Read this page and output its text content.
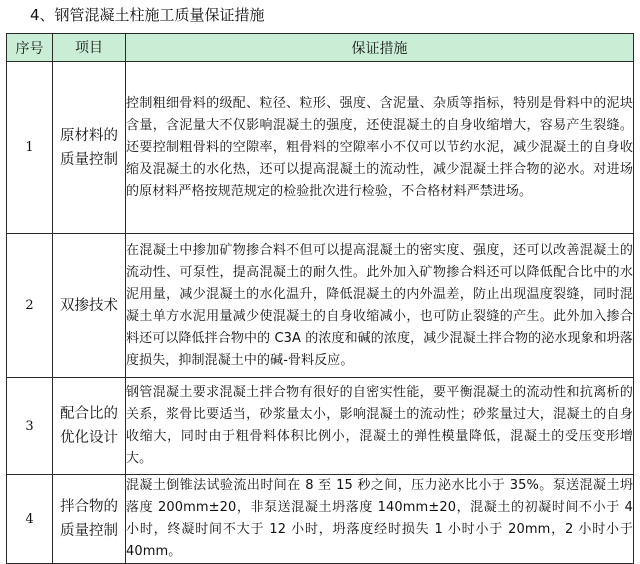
4、钢管混凝土柱施工质量保证措施
序号	项目	保证措施
1	原材料的质量控制	控制粗细骨料的级配、粒径、粒形、强度、含泥量、杂质等指标，特别是骨料中的泥块含量，含泥量大不仅影响混凝土的强度，还使混凝土的自身收缩增大，容易产生裂缝。还要控制粗骨料的空隙率，粗骨料的空隙率小不仅可以节约水泥，减少混凝土的自身收缩及混凝土的水化热，还可以提高混凝土的流动性，减少混凝土拌合物的泌水。对进场的原材料严格按规范规定的检验批次进行检验，不合格材料严禁进场。
2	双掺技术	在混凝土中掺加矿物掺合料不但可以提高混凝土的密实度、强度，还可以改善混凝土的流动性、可泵性，提高混凝土的耐久性。此外加入矿物掺合料还可以降低配合比中的水泥用量，减少混凝土的水化温升，降低混凝土的内外温差，防止出现温度裂缝，同时混凝土单方水泥用量减少使混凝土的自身收缩减小，也可防止裂缝的产生。此外加入掺合料还可以降低拌合物中的 C3A 的浓度和碱的浓度，减少混凝土拌合物的泌水现象和坍落度损失，抑制混凝土中的碱-骨料反应。
3	配合比的优化设计	钢管混凝土要求混凝土拌合物有很好的自密实性能，要平衡混凝土的流动性和抗离析的关系，浆骨比要适当，砂浆量太小，影响混凝土的流动性；砂浆量过大，混凝土的自身收缩大，同时由于粗骨料体积比例小，混凝土的弹性模量降低，混凝土的受压变形增大。
4	拌合物的质量控制	混凝土倒锥法试验流出时间在 8 至 15 秒之间，压力泌水比小于 35%。泵送混凝土坍落度 200mm±20，非泵送混凝土坍落度 140mm±20，混凝土的初凝时间不小于 4 小时，终凝时间不大于 12 小时，坍落度经时损失 1 小时小于 20mm，2 小时小于 40mm。
